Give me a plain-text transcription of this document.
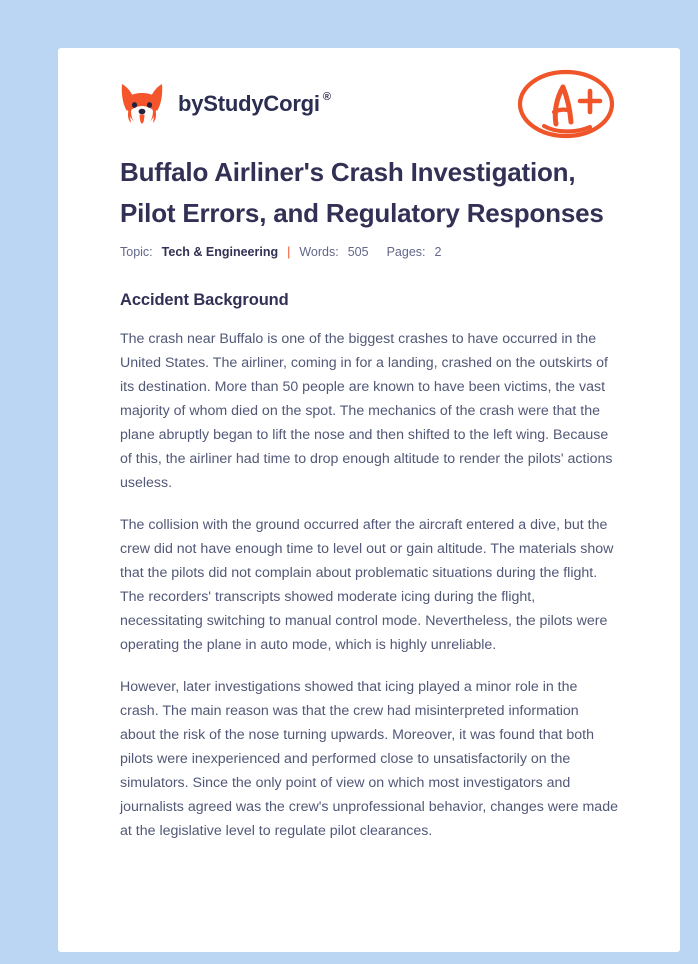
by StudyCorgi ®
Buffalo Airliner's Crash Investigation, Pilot Errors, and Regulatory Responses
Topic: Tech & Engineering | Words: 505 Pages: 2
Accident Background

The crash near Buffalo is one of the biggest crashes to have occurred in the United States. The airliner, coming in for a landing, crashed on the outskirts of its destination. More than 50 people are known to have been victims, the vast majority of whom died on the spot. The mechanics of the crash were that the plane abruptly began to lift the nose and then shifted to the left wing. Because of this, the airliner had time to drop enough altitude to render the pilots' actions useless.

The collision with the ground occurred after the aircraft entered a dive, but the crew did not have enough time to level out or gain altitude. The materials show that the pilots did not complain about problematic situations during the flight. The recorders' transcripts showed moderate icing during the flight, necessitating switching to manual control mode. Nevertheless, the pilots were operating the plane in auto mode, which is highly unreliable.

However, later investigations showed that icing played a minor role in the crash. The main reason was that the crew had misinterpreted information about the risk of the nose turning upwards. Moreover, it was found that both pilots were inexperienced and performed close to unsatisfactorily on the simulators. Since the only point of view on which most investigators and journalists agreed was the crew's unprofessional behavior, changes were made at the legislative level to regulate pilot clearances.
